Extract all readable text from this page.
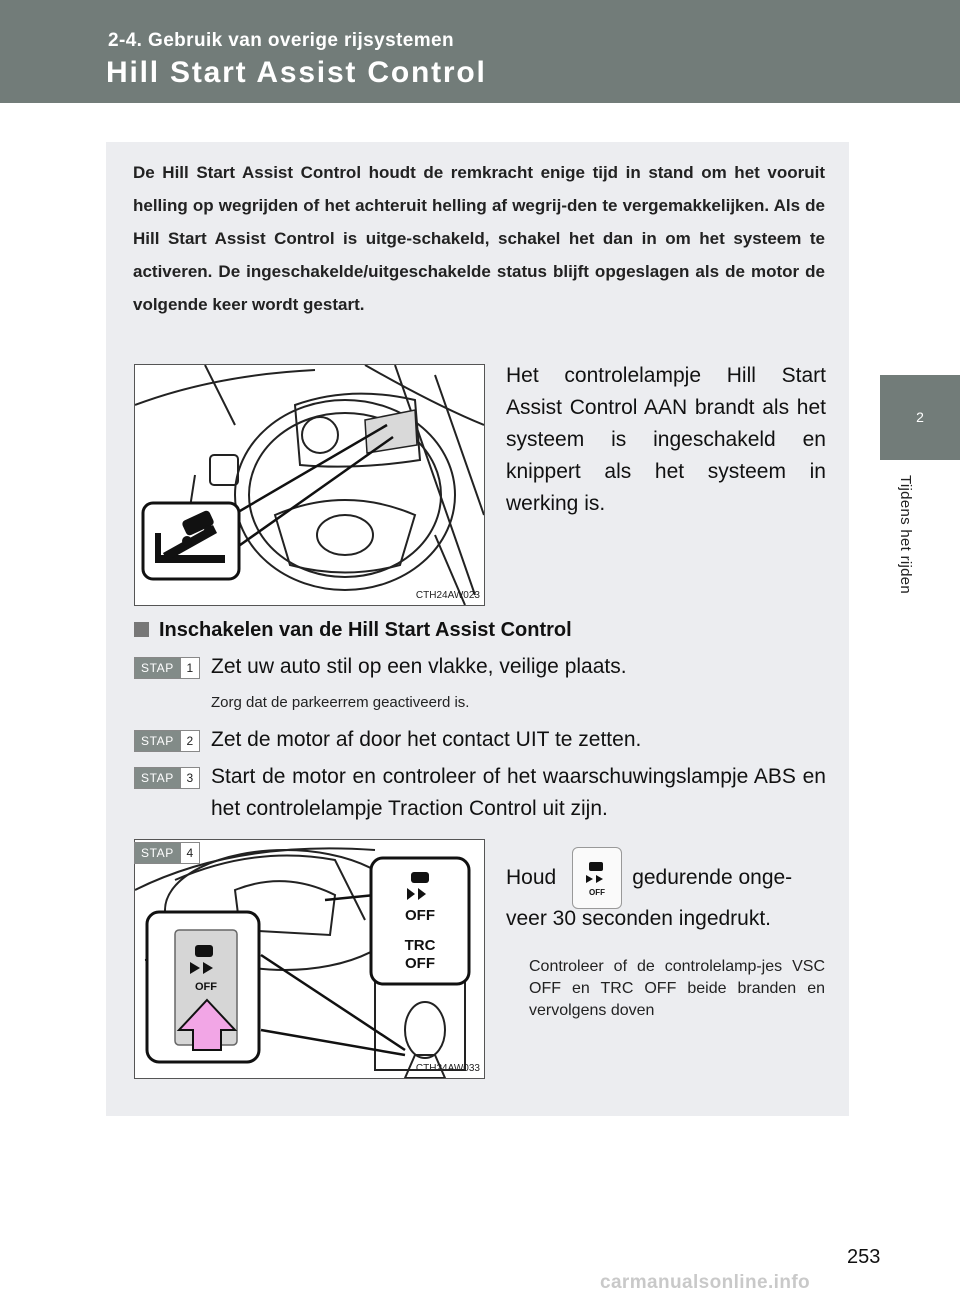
2-4. Gebruik van overige rijsystemen
Hill Start Assist Control
2
Tijdens het rijden
De Hill Start Assist Control houdt de remkracht enige tijd in stand om het vooruit helling op wegrijden of het achteruit helling af wegrij-den te vergemakkelijken. Als de Hill Start Assist Control is uitge-schakeld, schakel het dan in om het systeem te activeren. De ingeschakelde/uitgeschakelde status blijft opgeslagen als de motor de volgende keer wordt gestart.
CTH24AW023
Het controlelampje Hill Start Assist Control AAN brandt als het systeem is ingeschakeld en knippert als het systeem in werking is.
Inschakelen van de Hill Start Assist Control
STAP	1 Zet uw auto stil op een vlakke, veilige plaats.
Zorg dat de parkeerrem geactiveerd is.
STAP	2 Zet de motor af door het contact UIT te zetten.
STAP	3 Start de motor en controleer of het waarschuwingslampje ABS en het controlelampje Traction Control uit zijn.
OFF
OFF
TRC
OFF
CTH24AW033
STAP	4
Houd
OFF
gedurende onge-
veer 30 seconden ingedrukt.
Controleer of de controlelamp-jes VSC OFF en TRC OFF beide branden en vervolgens doven
253
carmanualsonline.info
